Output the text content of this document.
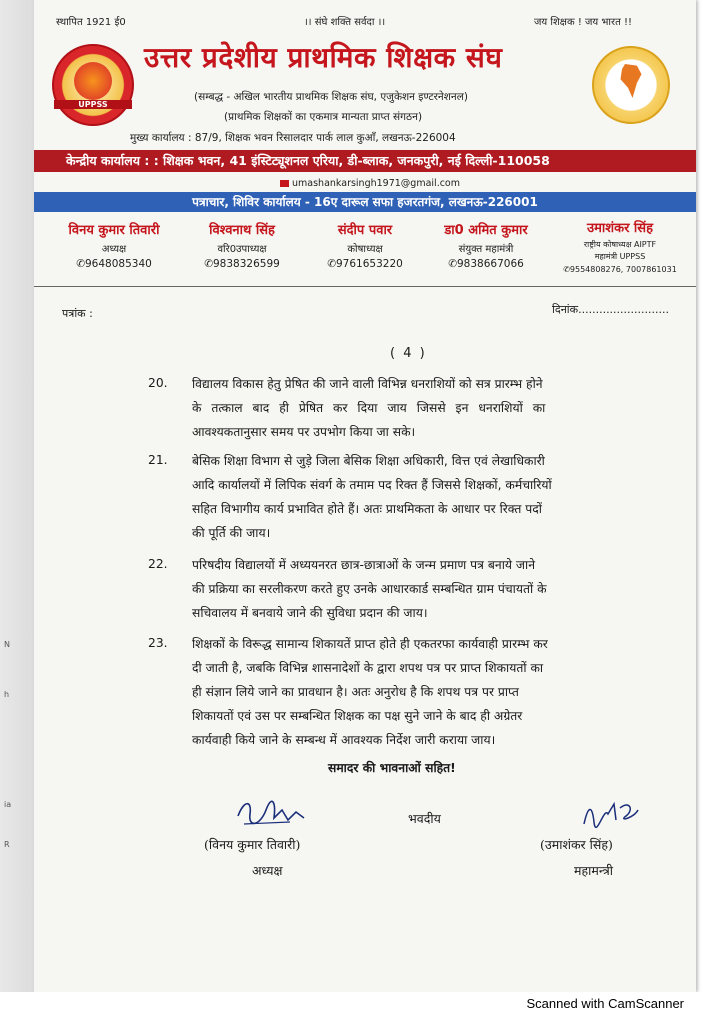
N
h
ia
R
स्थापित 1921 ई0	।। संघे शक्ति सर्वदा ।।	जय शिक्षक ! जय भारत !!
UPPSS
उत्तर प्रदेशीय प्राथमिक शिक्षक संघ
(सम्बद्ध - अखिल भारतीय प्राथमिक शिक्षक संघ, एजुकेशन इण्टरनेशनल)
(प्राथमिक शिक्षकों का एकमात्र मान्यता प्राप्त संगठन)
मुख्य कार्यालय : 87/9, शिक्षक भवन रिसालदार पार्क लाल कुआँ, लखनऊ-226004
केन्द्रीय कार्यालय : : शिक्षक भवन, 41 इंस्टिट्यूशनल एरिया, डी-ब्लाक, जनकपुरी, नई दिल्ली-110058
umashankarsingh1971@gmail.com
पत्राचार, शिविर कार्यालय - 16ए दारूल सफा हजरतगंज, लखनऊ-226001
विनय कुमार तिवारी
अध्यक्ष
✆9648085340
विश्वनाथ सिंह
वरि0उपाध्यक्ष
✆9838326599
संदीप पवार
कोषाध्यक्ष
✆9761653220
डा0 अमित कुमार
संयुक्त महामंत्री
✆9838667066
उमाशंकर सिंह
राष्ट्रीय कोषाध्यक्ष AIPTF
महामंत्री UPPSS
✆9554808276, 7007861031
पत्रांक :	दिनांक..........................
( 4 )
20. विद्यालय विकास हेतु प्रेषित की जाने वाली विभिन्न धनराशियों को सत्र प्रारम्भ होने
के तत्काल बाद ही प्रेषित कर दिया जाय जिससे इन धनराशियों का
आवश्यकतानुसार समय पर उपभोग किया जा सके।
21. बेसिक शिक्षा विभाग से जुड़े जिला बेसिक शिक्षा अधिकारी, वित्त एवं लेखाधिकारी
आदि कार्यालयों में लिपिक संवर्ग के तमाम पद रिक्त हैं जिससे शिक्षकों, कर्मचारियों
सहित विभागीय कार्य प्रभावित होते हैं। अतः प्राथमिकता के आधार पर रिक्त पदों
की पूर्ति की जाय।
22. परिषदीय विद्यालयों में अध्ययनरत छात्र-छात्राओं के जन्म प्रमाण पत्र बनाये जाने
की प्रक्रिया का सरलीकरण करते हुए उनके आधारकार्ड सम्बन्धित ग्राम पंचायतों के
सचिवालय में बनवाये जाने की सुविधा प्रदान की जाय।
23. शिक्षकों के विरूद्ध सामान्य शिकायतें प्राप्त होते ही एकतरफा कार्यवाही प्रारम्भ कर
दी जाती है, जबकि विभिन्न शासनादेशों के द्वारा शपथ पत्र पर प्राप्त शिकायतों का
ही संज्ञान लिये जाने का प्रावधान है। अतः अनुरोध है कि शपथ पत्र पर प्राप्त
शिकायतों एवं उस पर सम्बन्धित शिक्षक का पक्ष सुने जाने के बाद ही अग्रेतर
कार्यवाही किये जाने के सम्बन्ध में आवश्यक निर्देश जारी कराया जाय।
समादर की भावनाओं सहित!
भवदीय
(विनय कुमार तिवारी)
अध्यक्ष
(उमाशंकर सिंह)
महामन्त्री
Scanned with CamScanner
